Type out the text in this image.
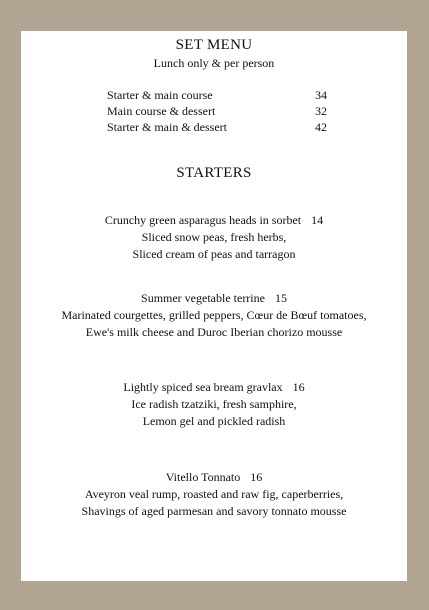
SET MENU
Lunch only & per person
Starter & main course	34
Main course & dessert	32
Starter & main & dessert	42
STARTERS
Crunchy green asparagus heads in sorbet 14
Sliced snow peas, fresh herbs,
Sliced cream of peas and tarragon
Summer vegetable terrine 15
Marinated courgettes, grilled peppers, Cœur de Bœuf tomatoes,
Ewe's milk cheese and Duroc Iberian chorizo mousse
Lightly spiced sea bream gravlax 16
Ice radish tzatziki, fresh samphire,
Lemon gel and pickled radish
Vitello Tonnato 16
Aveyron veal rump, roasted and raw fig, caperberries,
Shavings of aged parmesan and savory tonnato mousse
